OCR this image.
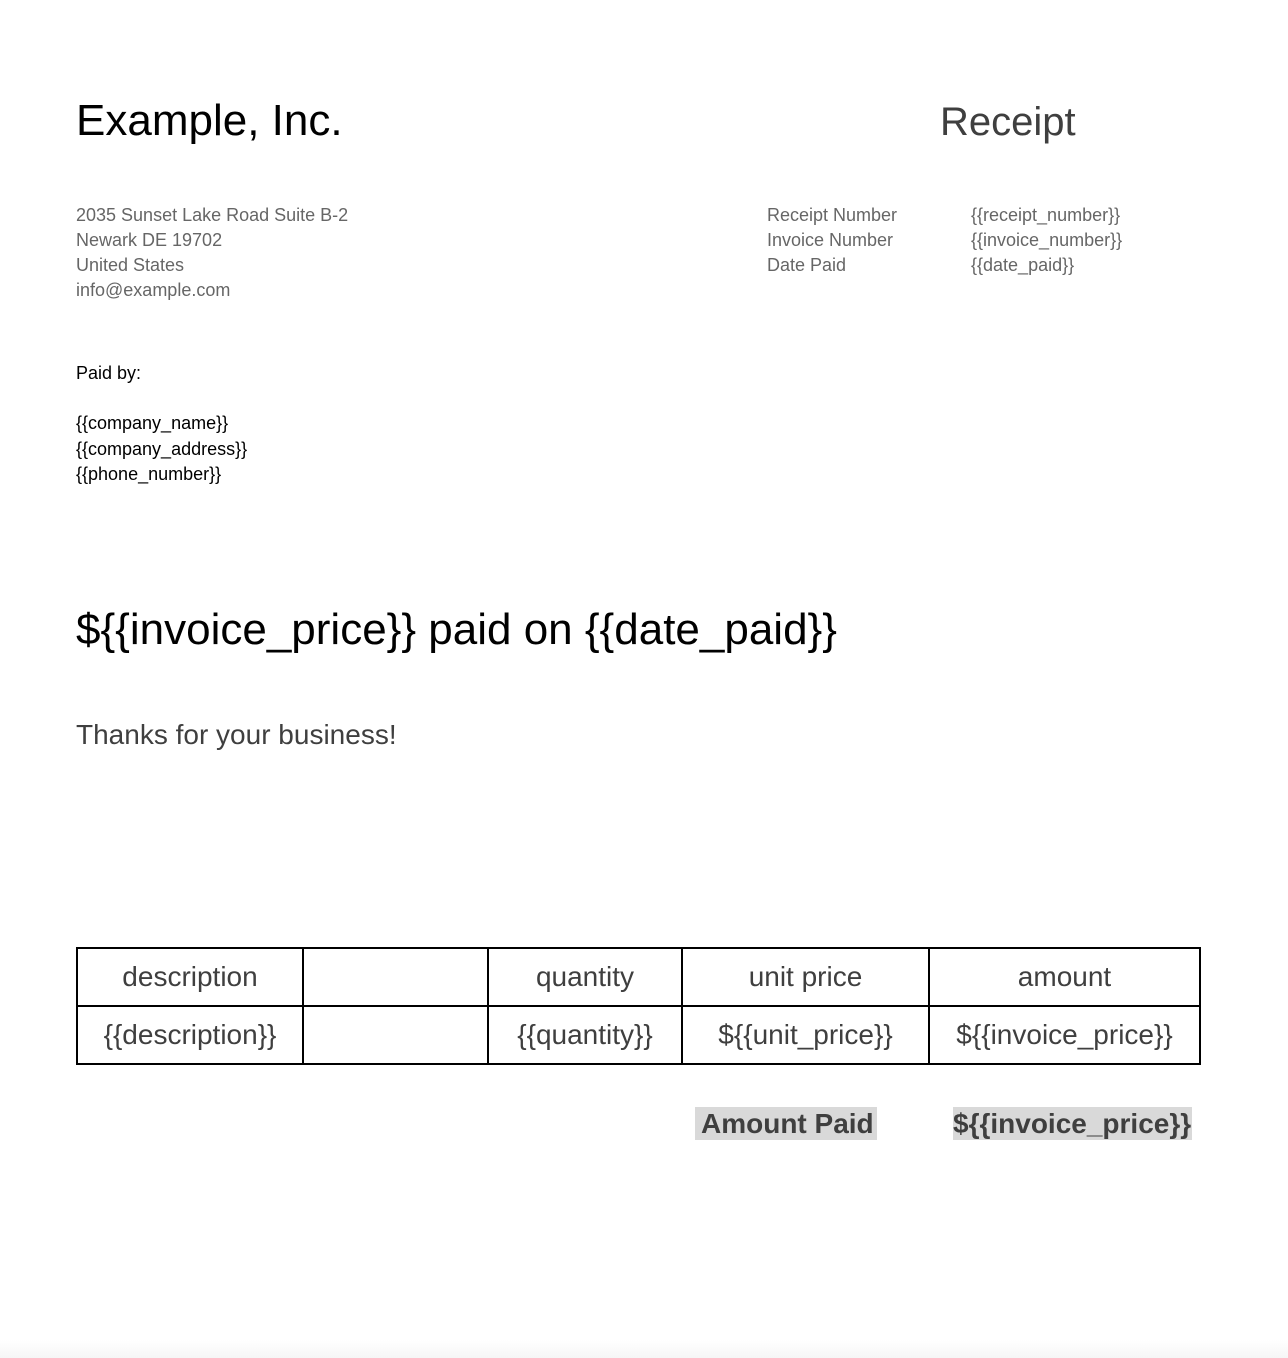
Example, Inc.	Receipt
2035 Sunset Lake Road Suite B-2
Newark DE 19702
United States
info@example.com
Receipt Number	{{receipt_number}}
Invoice Number	{{invoice_number}}
Date Paid	{{date_paid}}
Paid by:
{{company_name}}
{{company_address}}
{{phone_number}}
${{invoice_price}} paid on {{date_paid}}
Thanks for your business!
description		quantity	unit price	amount
{{description}}		{{quantity}}	${{unit_price}}	${{invoice_price}}
Amount Paid	${{invoice_price}}
